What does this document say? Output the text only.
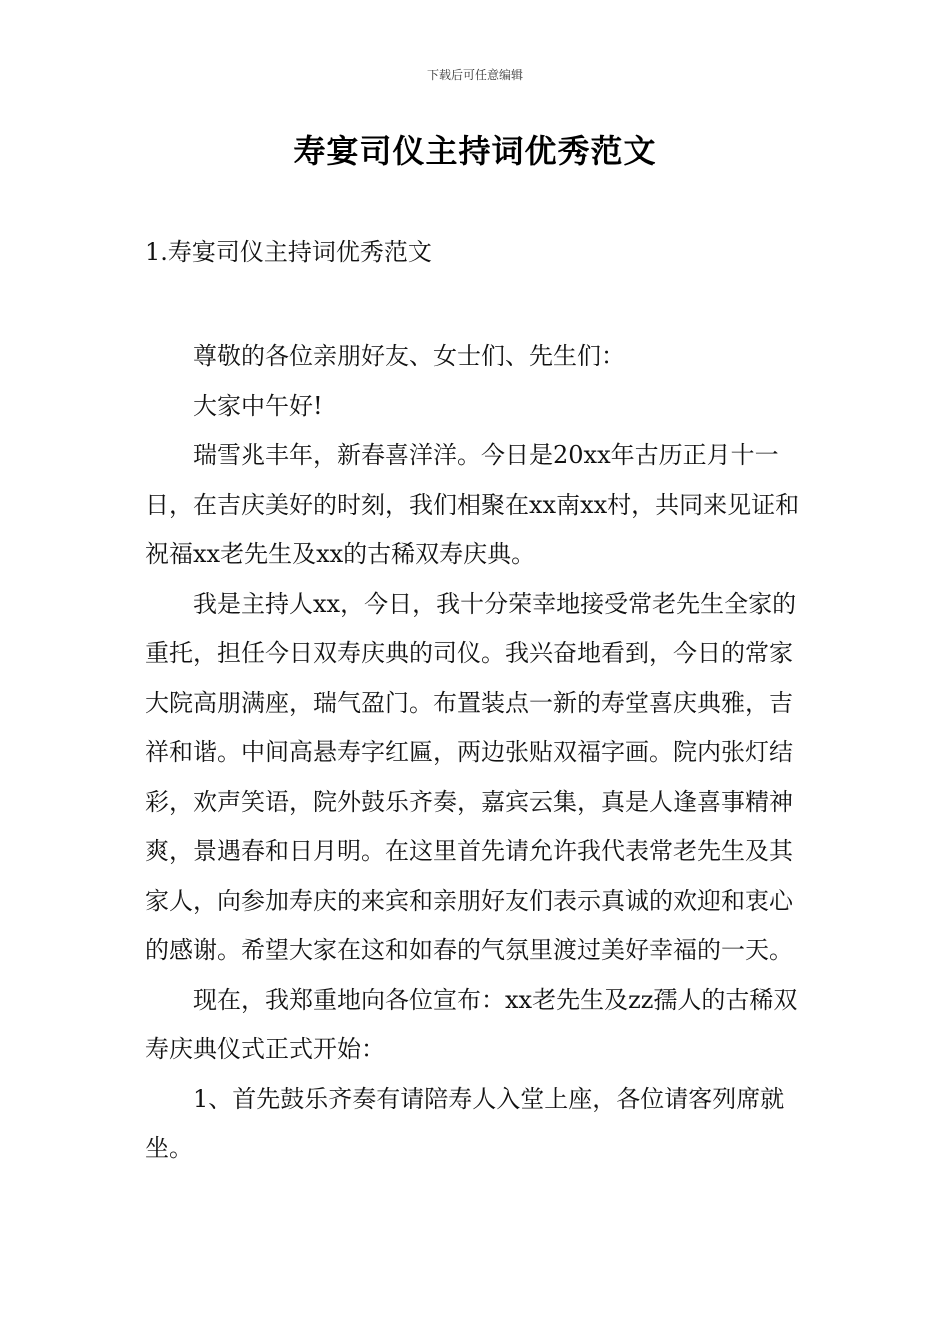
下载后可任意编辑
寿宴司仪主持词优秀范文
1.寿宴司仪主持词优秀范文

尊敬的各位亲朋好友、女士们、先生们：

大家中午好!

瑞雪兆丰年，新春喜洋洋。今日是20xx年古历正月十一日，在吉庆美好的时刻，我们相聚在xx南xx村，共同来见证和祝福xx老先生及xx的古稀双寿庆典。

我是主持人xx，今日，我十分荣幸地接受常老先生全家的重托，担任今日双寿庆典的司仪。我兴奋地看到，今日的常家大院高朋满座，瑞气盈门。布置装点一新的寿堂喜庆典雅，吉祥和谐。中间高悬寿字红匾，两边张贴双福字画。院内张灯结彩，欢声笑语，院外鼓乐齐奏，嘉宾云集，真是人逢喜事精神爽，景遇春和日月明。在这里首先请允许我代表常老先生及其家人，向参加寿庆的来宾和亲朋好友们表示真诚的欢迎和衷心的感谢。希望大家在这和如春的气氛里渡过美好幸福的一天。

现在，我郑重地向各位宣布：xx老先生及zz孺人的古稀双寿庆典仪式正式开始：

1、首先鼓乐齐奏有请陪寿人入堂上座，各位请客列席就坐。
